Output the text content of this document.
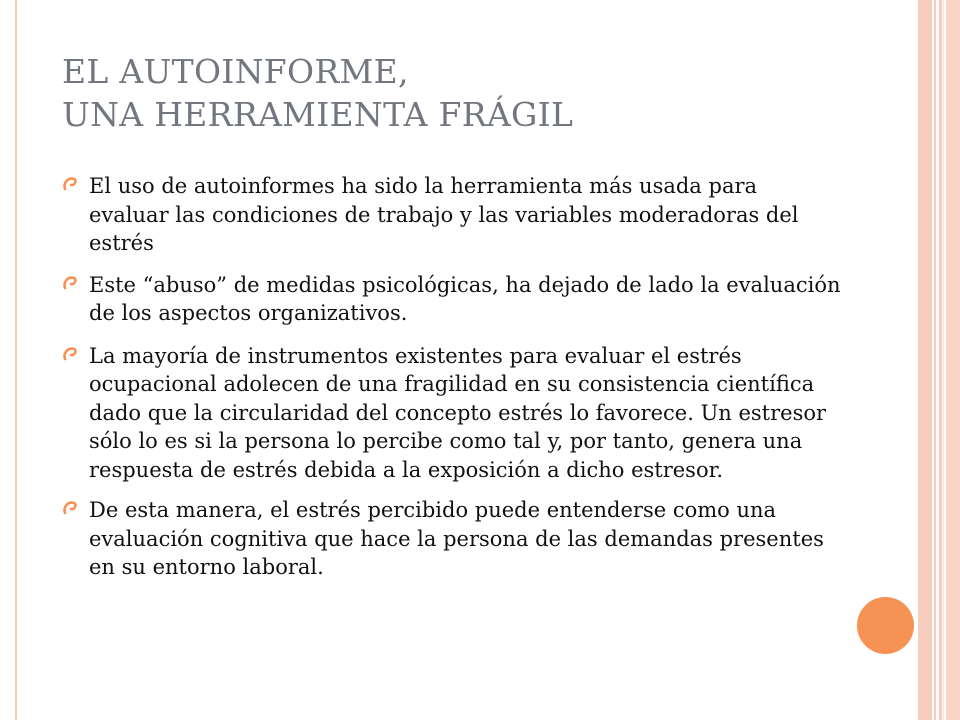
EL AUTOINFORME,
UNA HERRAMIENTA FRÁGIL
El uso de autoinformes ha sido la herramienta más usada para evaluar las condiciones de trabajo y las variables moderadoras del estrés
Este “abuso” de medidas psicológicas, ha dejado de lado la evaluación de los aspectos organizativos.
La mayoría de instrumentos existentes para evaluar el estrés ocupacional adolecen de una fragilidad en su consistencia científica dado que la circularidad del concepto estrés lo favorece. Un estresor sólo lo es si la persona lo percibe como tal y, por tanto, genera una respuesta de estrés debida a la exposición a dicho estresor.
De esta manera, el estrés percibido puede entenderse como una evaluación cognitiva que hace la persona de las demandas presentes en su entorno laboral.
